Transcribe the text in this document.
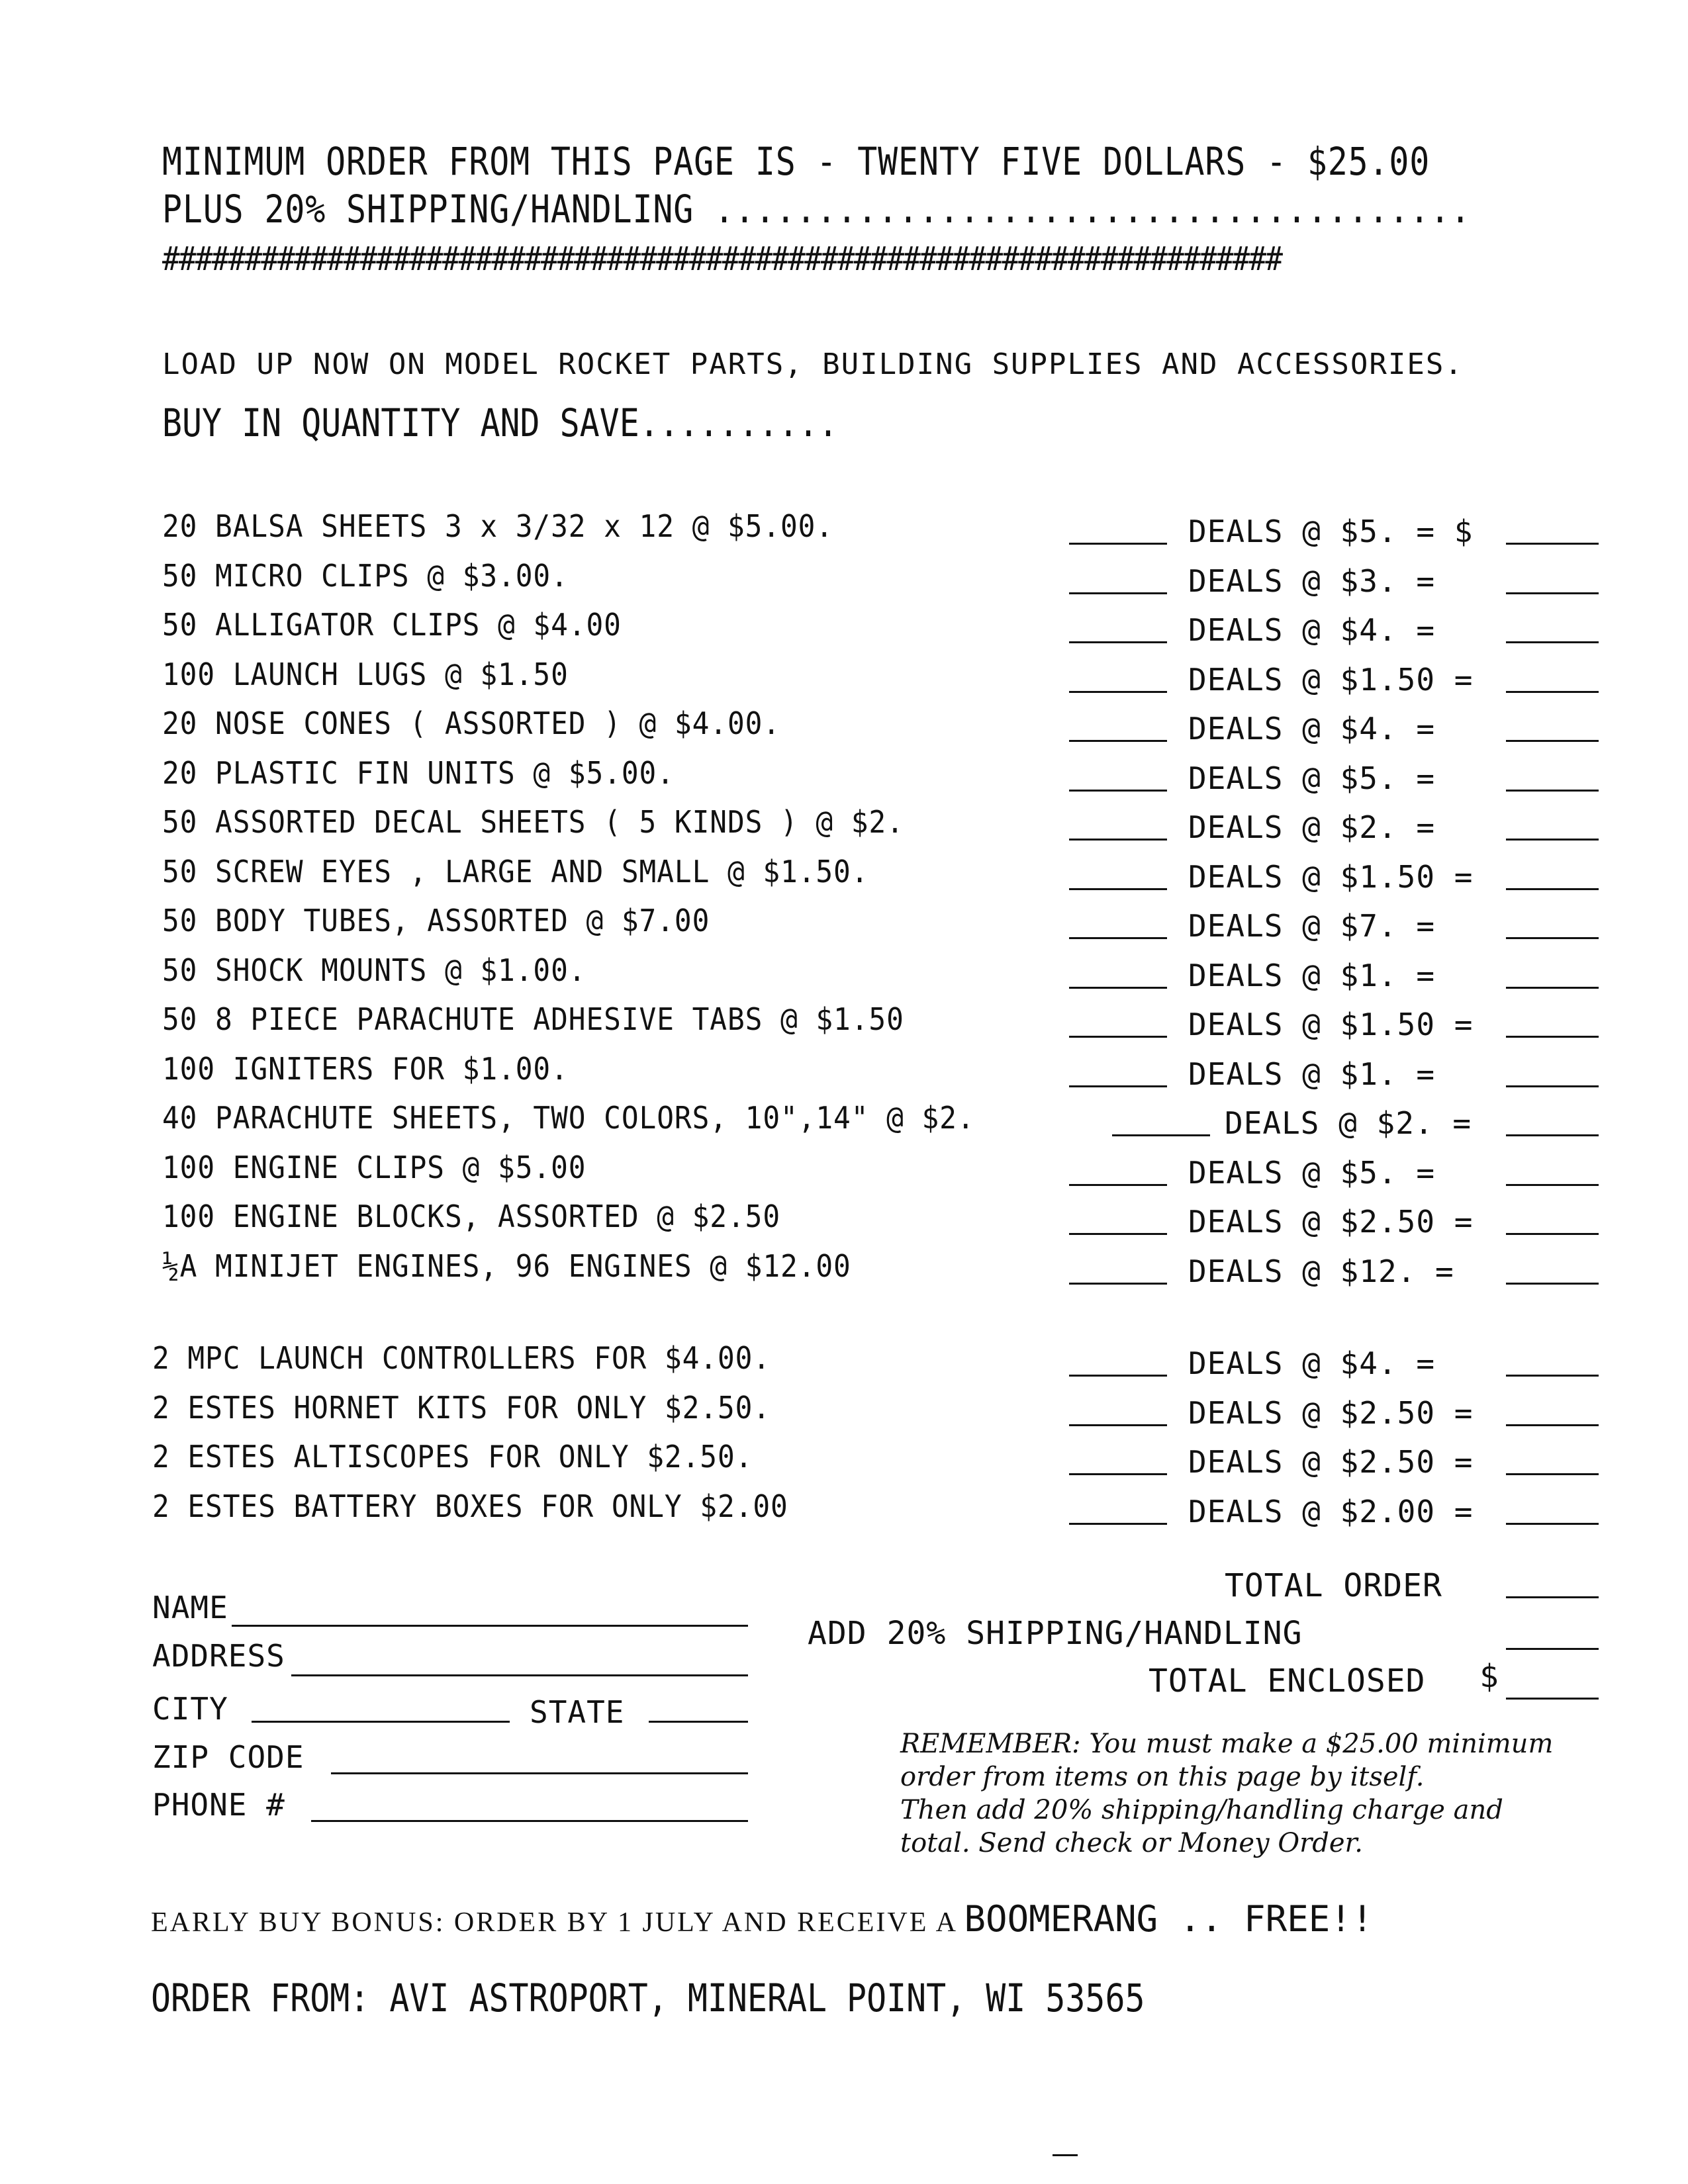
MINIMUM ORDER FROM THIS PAGE IS - TWENTY FIVE DOLLARS - $25.00
PLUS 20% SHIPPING/HANDLING .....................................
####################################################################
LOAD UP NOW ON MODEL ROCKET PARTS, BUILDING SUPPLIES AND ACCESSORIES.
BUY IN QUANTITY AND SAVE..........
20 BALSA SHEETS 3 x 3/32 x 12 @ $5.00.	DEALS @ $5. = $
50 MICRO CLIPS @ $3.00.	DEALS @ $3. =
50 ALLIGATOR CLIPS @ $4.00	DEALS @ $4. =
100 LAUNCH LUGS @ $1.50	DEALS @ $1.50 =
20 NOSE CONES ( ASSORTED ) @ $4.00.	DEALS @ $4. =
20 PLASTIC FIN UNITS @ $5.00.	DEALS @ $5. =
50 ASSORTED DECAL SHEETS ( 5 KINDS ) @ $2.	DEALS @ $2. =
50 SCREW EYES , LARGE AND SMALL @ $1.50.	DEALS @ $1.50 =
50 BODY TUBES, ASSORTED @ $7.00	DEALS @ $7. =
50 SHOCK MOUNTS @ $1.00.	DEALS @ $1. =
50 8 PIECE PARACHUTE ADHESIVE TABS @ $1.50	DEALS @ $1.50 =
100 IGNITERS FOR $1.00.	DEALS @ $1. =
40 PARACHUTE SHEETS, TWO COLORS, 10",14" @ $2.	DEALS @ $2. =
100 ENGINE CLIPS @ $5.00	DEALS @ $5. =
100 ENGINE BLOCKS, ASSORTED @ $2.50	DEALS @ $2.50 =
½A MINIJET ENGINES, 96 ENGINES @ $12.00	DEALS @ $12. =
2 MPC LAUNCH CONTROLLERS FOR $4.00.	DEALS @ $4. =
2 ESTES HORNET KITS FOR ONLY $2.50.	DEALS @ $2.50 =
2 ESTES ALTISCOPES FOR ONLY $2.50.	DEALS @ $2.50 =
2 ESTES BATTERY BOXES FOR ONLY $2.00	DEALS @ $2.00 =
TOTAL ORDER
ADD 20% SHIPPING/HANDLING
TOTAL ENCLOSED $
NAME
ADDRESS
CITY	STATE
ZIP CODE
PHONE #
REMEMBER: You must make a $25.00 minimum
order from items on this page by itself.
Then add 20% shipping/handling charge and
total. Send check or Money Order.
EARLY BUY BONUS: ORDER BY 1 JULY AND RECEIVE A BOOMERANG .. FREE!!
ORDER FROM: AVI ASTROPORT, MINERAL POINT, WI 53565
